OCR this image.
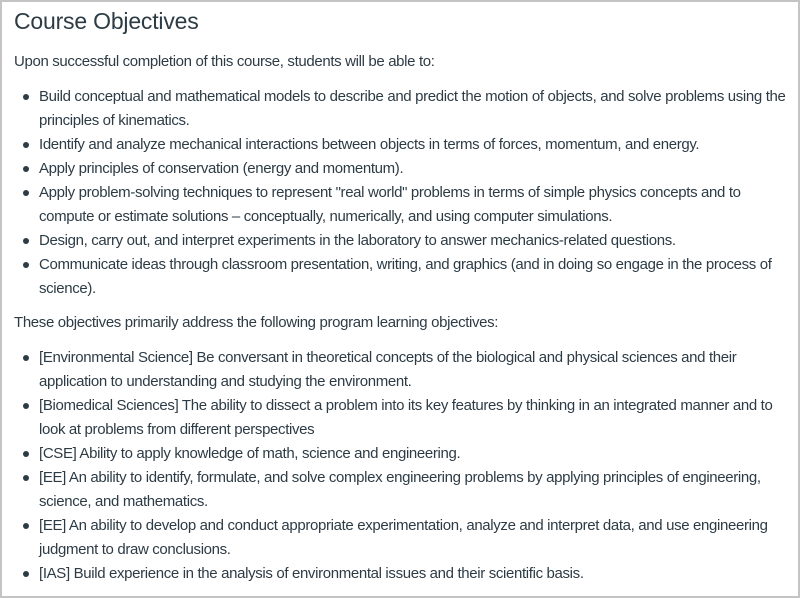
Course Objectives

Upon successful completion of this course, students will be able to:

Build conceptual and mathematical models to describe and predict the motion of objects, and solve problems using the principles of kinematics.
Identify and analyze mechanical interactions between objects in terms of forces, momentum, and energy.
Apply principles of conservation (energy and momentum).
Apply problem-solving techniques to represent "real world" problems in terms of simple physics concepts and to compute or estimate solutions – conceptually, numerically, and using computer simulations.
Design, carry out, and interpret experiments in the laboratory to answer mechanics-related questions.
Communicate ideas through classroom presentation, writing, and graphics (and in doing so engage in the process of science).

These objectives primarily address the following program learning objectives:

[Environmental Science] Be conversant in theoretical concepts of the biological and physical sciences and their application to understanding and studying the environment.
[Biomedical Sciences] The ability to dissect a problem into its key features by thinking in an integrated manner and to look at problems from different perspectives
[CSE] Ability to apply knowledge of math, science and engineering.
[EE] An ability to identify, formulate, and solve complex engineering problems by applying principles of engineering, science, and mathematics.
[EE] An ability to develop and conduct appropriate experimentation, analyze and interpret data, and use engineering judgment to draw conclusions.
[IAS] Build experience in the analysis of environmental issues and their scientific basis.
